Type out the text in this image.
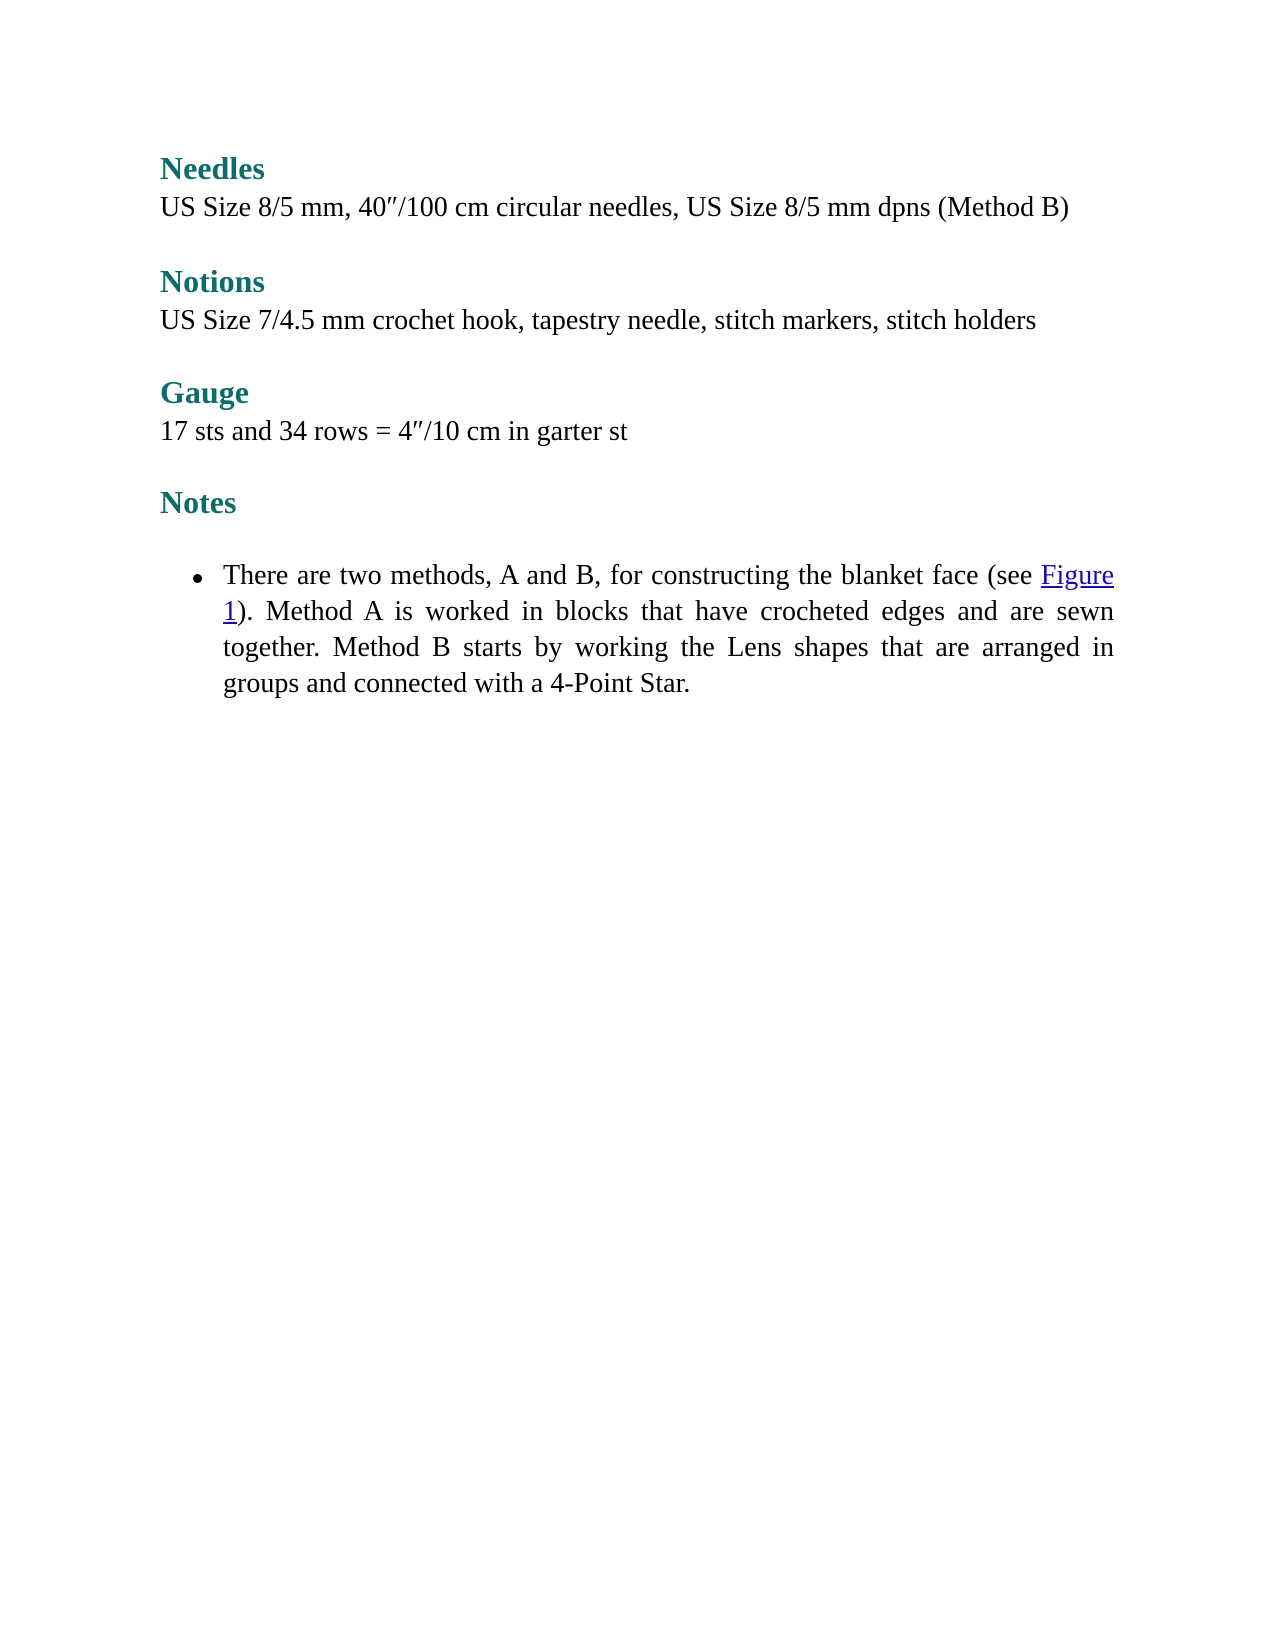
Needles

US Size 8/5 mm, 40″/100 cm circular needles, US Size 8/5 mm dpns (Method B)

Notions

US Size 7/4.5 mm crochet hook, tapestry needle, stitch markers, stitch holders

Gauge

17 sts and 34 rows = 4″/10 cm in garter st

Notes
There are two methods, A and B, for constructing the blanket face (see Figure 1). Method A is worked in blocks that have crocheted edges and are sewn together. Method B starts by working the Lens shapes that are arranged in groups and connected with a 4-Point Star.
